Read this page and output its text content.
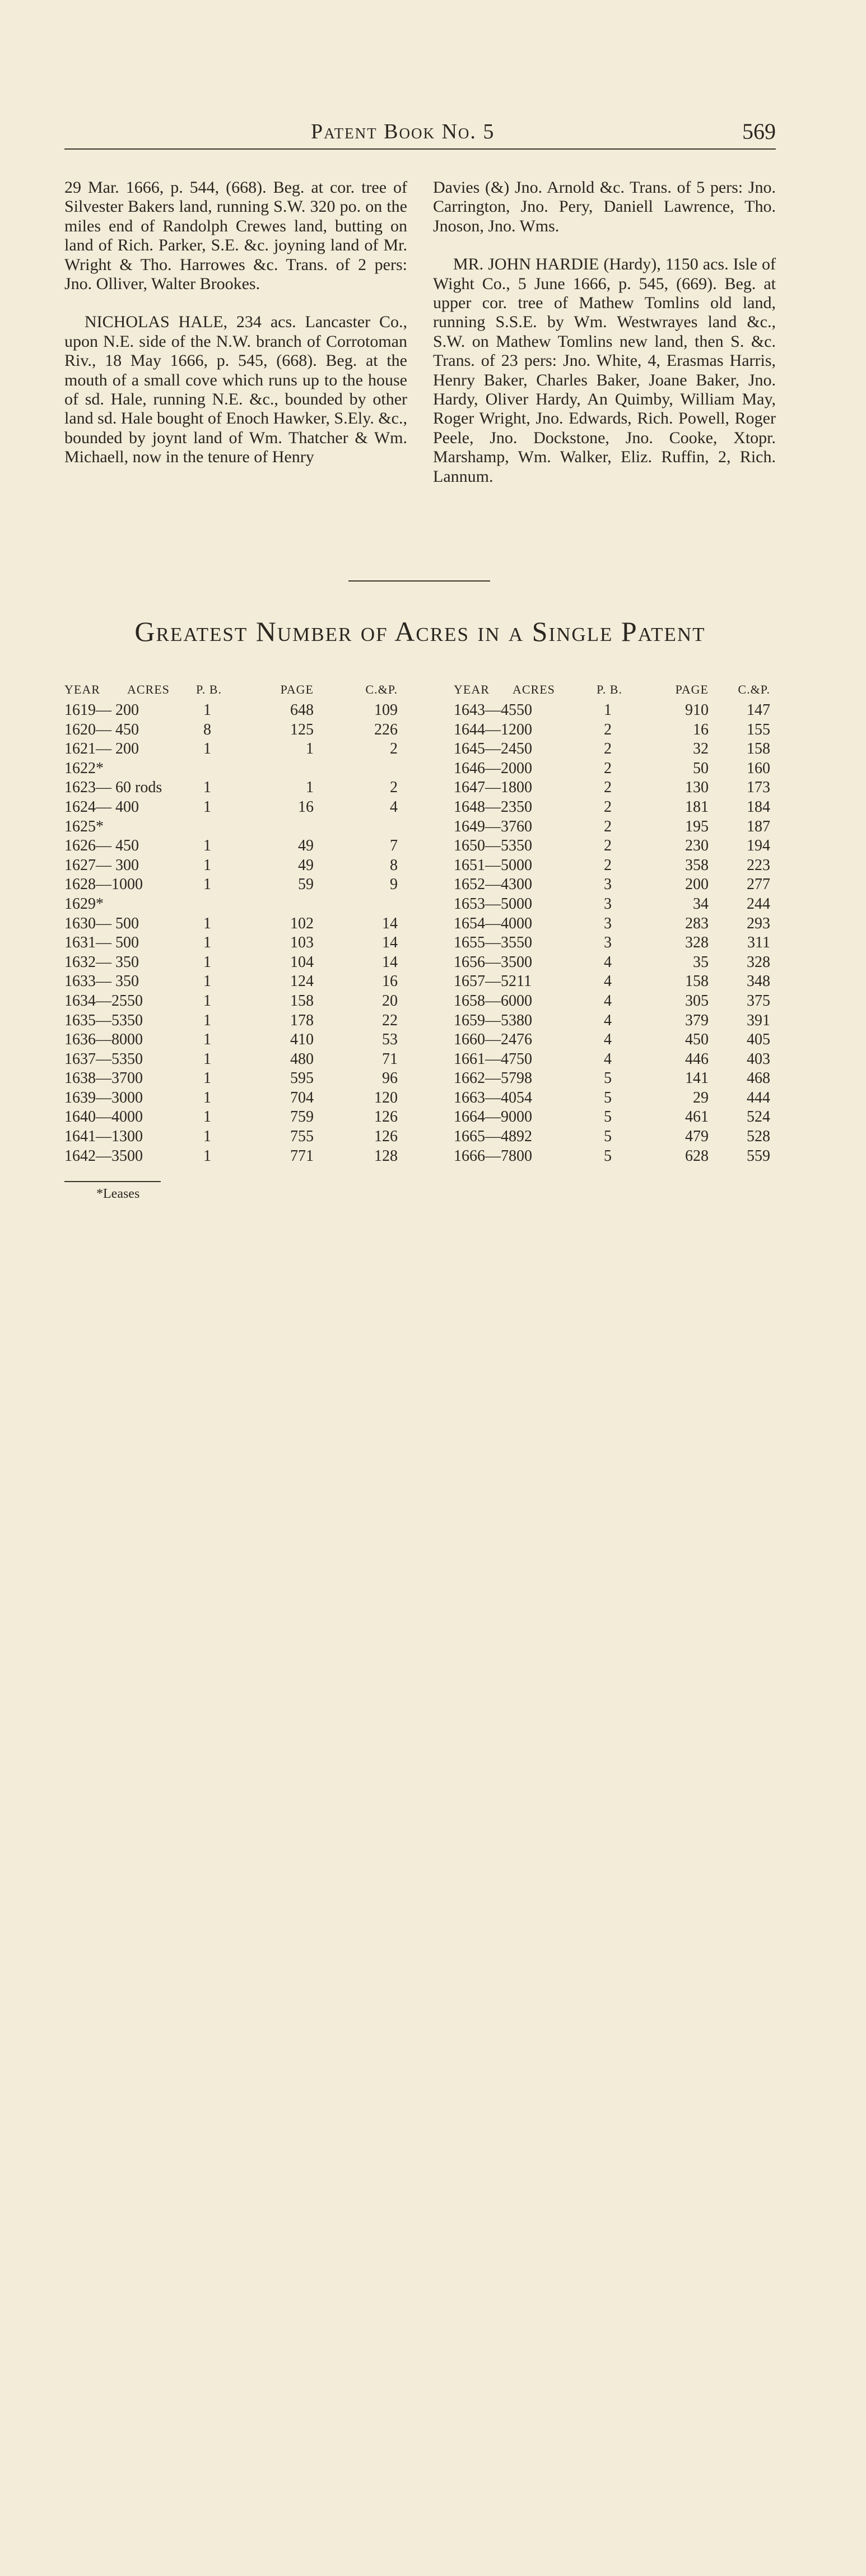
Patent Book No. 5	569

29 Mar. 1666, p. 544, (668). Beg. at cor. tree of Silvester Bakers land, running S.W. 320 po. on the miles end of Randolph Crewes land, butting on land of Rich. Parker, S.E. &c. joyning land of Mr. Wright & Tho. Harrowes &c. Trans. of 2 pers: Jno. Olliver, Walter Brookes.

NICHOLAS HALE, 234 acs. Lancaster Co., upon N.E. side of the N.W. branch of Corrotoman Riv., 18 May 1666, p. 545, (668). Beg. at the mouth of a small cove which runs up to the house of sd. Hale, running N.E. &c., bounded by other land sd. Hale bought of Enoch Hawker, S.Ely. &c., bounded by joynt land of Wm. Thatcher & Wm. Michaell, now in the tenure of Henry

Davies (&) Jno. Arnold &c. Trans. of 5 pers: Jno. Carrington, Jno. Pery, Daniell Lawrence, Tho. Jnoson, Jno. Wms.

MR. JOHN HARDIE (Hardy), 1150 acs. Isle of Wight Co., 5 June 1666, p. 545, (669). Beg. at upper cor. tree of Mathew Tomlins old land, running S.S.E. by Wm. Westwrayes land &c., S.W. on Mathew Tomlins new land, then S. &c. Trans. of 23 pers: Jno. White, 4, Erasmas Harris, Henry Baker, Charles Baker, Joane Baker, Jno. Hardy, Oliver Hardy, An Quimby, William May, Roger Wright, Jno. Edwards, Rich. Powell, Roger Peele, Jno. Dockstone, Jno. Cooke, Xtopr. Marshamp, Wm. Walker, Eliz. Ruffin, 2, Rich. Lannum.

Greatest Number of Acres in a Single Patent
YEAR ACRES P. B.	PAGE	C.&P.
1619— 200	1	648	109
1620— 450	8	125	226
1621— 200	1	1	2
1622*
1623— 60 rods	1	1	2
1624— 400	1	16	4
1625*
1626— 450	1	49	7
1627— 300	1	49	8
1628—1000	1	59	9
1629*
1630— 500	1	102	14
1631— 500	1	103	14
1632— 350	1	104	14
1633— 350	1	124	16
1634—2550	1	158	20
1635—5350	1	178	22
1636—8000	1	410	53
1637—5350	1	480	71
1638—3700	1	595	96
1639—3000	1	704	120
1640—4000	1	759	126
1641—1300	1	755	126
1642—3500	1	771	128
YEAR ACRES	P. B.	PAGE	C.&P.
1643—4550	1	910	147
1644—1200	2	16	155
1645—2450	2	32	158
1646—2000	2	50	160
1647—1800	2	130	173
1648—2350	2	181	184
1649—3760	2	195	187
1650—5350	2	230	194
1651—5000	2	358	223
1652—4300	3	200	277
1653—5000	3	34	244
1654—4000	3	283	293
1655—3550	3	328	311
1656—3500	4	35	328
1657—5211	4	158	348
1658—6000	4	305	375
1659—5380	4	379	391
1660—2476	4	450	405
1661—4750	4	446	403
1662—5798	5	141	468
1663—4054	5	29	444
1664—9000	5	461	524
1665—4892	5	479	528
1666—7800	5	628	559
*Leases
